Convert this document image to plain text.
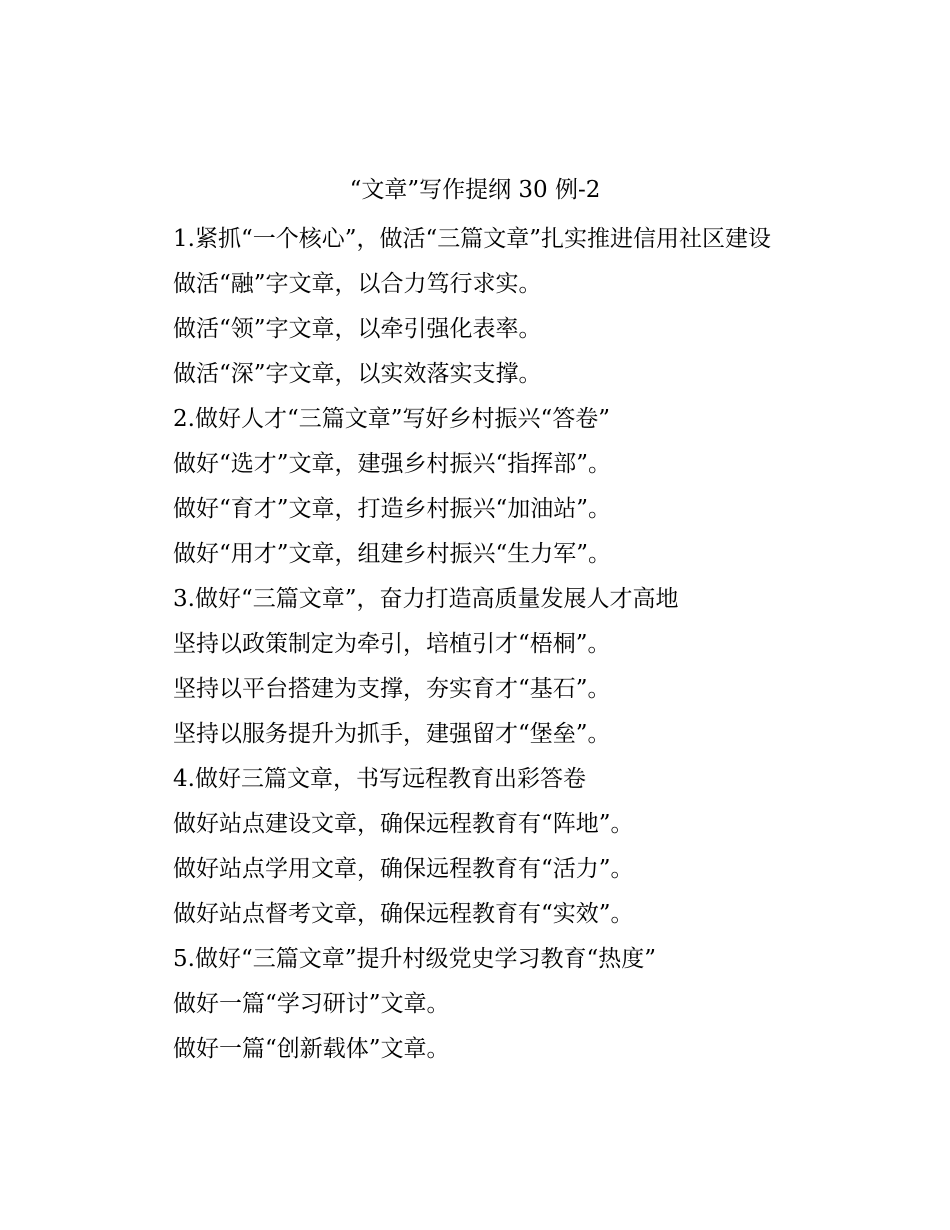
“文章”写作提纲 30 例-2
1.紧抓“一个核心”，做活“三篇文章”扎实推进信用社区建设
做活“融”字文章，以合力笃行求实。
做活“领”字文章，以牵引强化表率。
做活“深”字文章，以实效落实支撑。
2.做好人才“三篇文章”写好乡村振兴“答卷”
做好“选才”文章，建强乡村振兴“指挥部”。
做好“育才”文章，打造乡村振兴“加油站”。
做好“用才”文章，组建乡村振兴“生力军”。
3.做好“三篇文章”，奋力打造高质量发展人才高地
坚持以政策制定为牵引，培植引才“梧桐”。
坚持以平台搭建为支撑，夯实育才“基石”。
坚持以服务提升为抓手，建强留才“堡垒”。
4.做好三篇文章，书写远程教育出彩答卷
做好站点建设文章，确保远程教育有“阵地”。
做好站点学用文章，确保远程教育有“活力”。
做好站点督考文章，确保远程教育有“实效”。
5.做好“三篇文章”提升村级党史学习教育“热度”
做好一篇“学习研讨”文章。
做好一篇“创新载体”文章。
